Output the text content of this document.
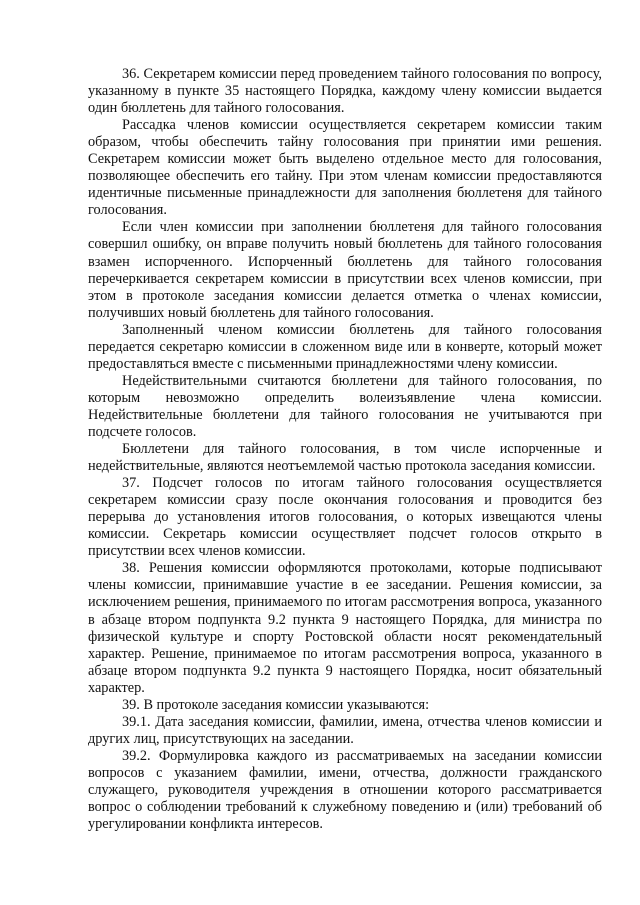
36. Секретарем комиссии перед проведением тайного голосования по вопросу, указанному в пункте 35 настоящего Порядка, каждому члену комиссии выдается один бюллетень для тайного голосования.

Рассадка членов комиссии осуществляется секретарем комиссии таким образом, чтобы обеспечить тайну голосования при принятии ими решения. Секретарем комиссии может быть выделено отдельное место для голосования, позволяющее обеспечить его тайну. При этом членам комиссии предоставляются идентичные письменные принадлежности для заполнения бюллетеня для тайного голосования.

Если член комиссии при заполнении бюллетеня для тайного голосования совершил ошибку, он вправе получить новый бюллетень для тайного голосования взамен испорченного. Испорченный бюллетень для тайного голосования перечеркивается секретарем комиссии в присутствии всех членов комиссии, при этом в протоколе заседания комиссии делается отметка о членах комиссии, получивших новый бюллетень для тайного голосования.

Заполненный членом комиссии бюллетень для тайного голосования передается секретарю комиссии в сложенном виде или в конверте, который может предоставляться вместе с письменными принадлежностями члену комиссии.

Недействительными считаются бюллетени для тайного голосования, по которым невозможно определить волеизъявление члена комиссии. Недействительные бюллетени для тайного голосования не учитываются при подсчете голосов.

Бюллетени для тайного голосования, в том числе испорченные и недействительные, являются неотъемлемой частью протокола заседания комиссии.

37. Подсчет голосов по итогам тайного голосования осуществляется секретарем комиссии сразу после окончания голосования и проводится без перерыва до установления итогов голосования, о которых извещаются члены комиссии. Секретарь комиссии осуществляет подсчет голосов открыто в присутствии всех членов комиссии.

38. Решения комиссии оформляются протоколами, которые подписывают члены комиссии, принимавшие участие в ее заседании. Решения комиссии, за исключением решения, принимаемого по итогам рассмотрения вопроса, указанного в абзаце втором подпункта 9.2 пункта 9 настоящего Порядка, для министра по физической культуре и спорту Ростовской области носят рекомендательный характер. Решение, принимаемое по итогам рассмотрения вопроса, указанного в абзаце втором подпункта 9.2 пункта 9 настоящего Порядка, носит обязательный характер.

39. В протоколе заседания комиссии указываются:

39.1. Дата заседания комиссии, фамилии, имена, отчества членов комиссии и других лиц, присутствующих на заседании.

39.2. Формулировка каждого из рассматриваемых на заседании комиссии вопросов с указанием фамилии, имени, отчества, должности гражданского служащего, руководителя учреждения в отношении которого рассматривается вопрос о соблюдении требований к служебному поведению и (или) требований об урегулировании конфликта интересов.
